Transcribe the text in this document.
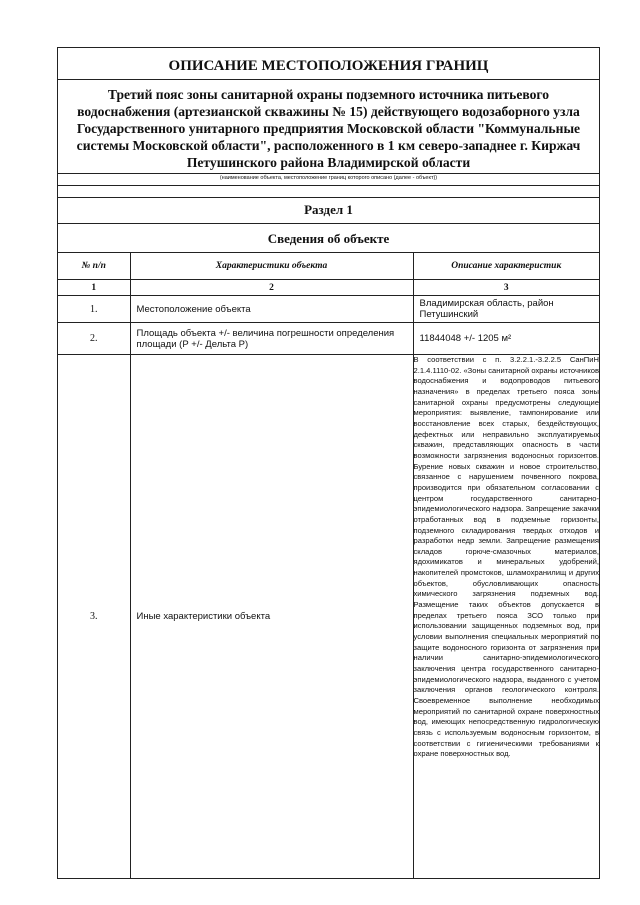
ОПИСАНИЕ МЕСТОПОЛОЖЕНИЯ ГРАНИЦ
Третий пояс зоны санитарной охраны подземного источника питьевого водоснабжения (артезианской скважины № 15) действующего водозаборного узла Государственного унитарного предприятия Московской области "Коммунальные системы Московской области", расположенного в 1 км северо-западнее г. Киржач Петушинского района Владимирской области
(наименование объекта, местоположение границ которого описано (далее - объект))
Раздел 1
Сведения об объекте
№ п/п	Характеристики объекта	Описание характеристик
1	2	3
1.	Местоположение объекта	Владимирская область, район Петушинский
2.	Площадь объекта +/- величина погрешности определения площади (Р +/- Дельта Р)	11844048 +/- 1205 м²
3.	Иные характеристики объекта	В соответствии с п. 3.2.2.1.-3.2.2.5 СанПиН 2.1.4.1110-02. «Зоны санитарной охраны источников водоснабжения и водопроводов питьевого назначения» в пределах третьего пояса зоны санитарной охраны предусмотрены следующие мероприятия: выявление, тампонирование или восстановление всех старых, бездействующих, дефектных или неправильно эксплуатируемых скважин, представляющих опасность в части возможности загрязнения водоносных горизонтов. Бурение новых скважин и новое строительство, связанное с нарушением почвенного покрова, производится при обязательном согласовании с центром государственного санитарно-эпидемиологического надзора. Запрещение закачки отработанных вод в подземные горизонты, подземного складирования твердых отходов и разработки недр земли. Запрещение размещения складов горюче-смазочных материалов, ядохимикатов и минеральных удобрений, накопителей промстоков, шламохранилищ и других объектов, обусловливающих опасность химического загрязнения подземных вод. Размещение таких объектов допускается в пределах третьего пояса ЗСО только при использовании защищенных подземных вод, при условии выполнения специальных мероприятий по защите водоносного горизонта от загрязнения при наличии санитарно-эпидемиологического заключения центра государственного санитарно-эпидемиологического надзора, выданного с учетом заключения органов геологического контроля. Своевременное выполнение необходимых мероприятий по санитарной охране поверхностных вод, имеющих непосредственную гидрологическую связь с используемым водоносным горизонтом, в соответствии с гигиеническими требованиями к охране поверхностных вод.
